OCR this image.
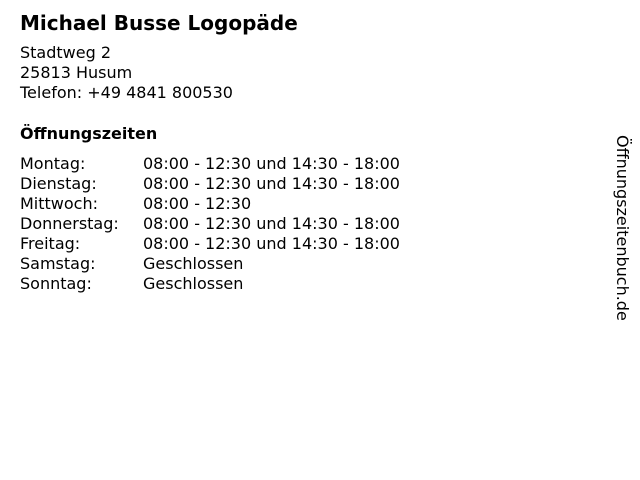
Michael Busse Logopäde
Stadtweg 2
25813 Husum
Telefon: +49 4841 800530
Öffnungszeiten
Montag:	08:00 - 12:30 und 14:30 - 18:00
Dienstag:	08:00 - 12:30 und 14:30 - 18:00
Mittwoch:	08:00 - 12:30
Donnerstag:	08:00 - 12:30 und 14:30 - 18:00
Freitag:	08:00 - 12:30 und 14:30 - 18:00
Samstag:	Geschlossen
Sonntag:	Geschlossen	Öffnungszeitenbuch.de
